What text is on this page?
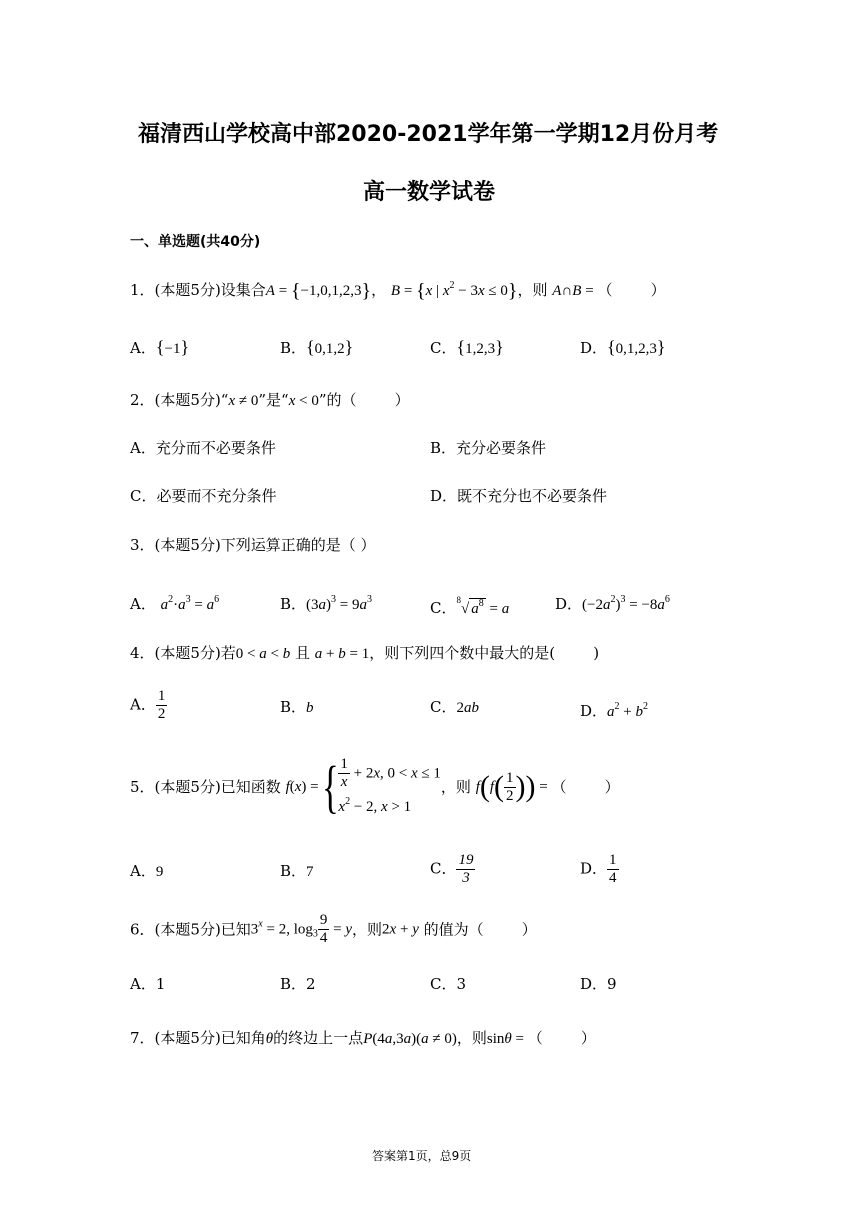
福清西山学校高中部2020-2021学年第一学期12月份月考
高一数学试卷
一、单选题(共40分)
1．(本题5分)设集合A = {−1,0,1,2,3}， B = {x | $x^2 - 3x \le 0$}，则 A∩B = （        ）
A．{−1}	B．{0,1,2}	C．{1,2,3}	D．{0,1,2,3}
2．(本题5分)“x ≠ 0”是“x < 0”的（        ）
A．充分而不必要条件	B．充分必要条件
C．必要而不充分条件	D．既不充分也不必要条件
3．(本题5分)下列运算正确的是（ ）
A． $a^2\cdot a^3 = a^6$	B．$(3a)^3 = 9a^3$	C．$^8$√ $a^8 = a$	D．$(-2a^2)^3 = -8a^6$
4．(本题5分)若0 < a < b 且 a + b = 1，则下列四个数中最大的是(        )
A． $\frac{1}{2}$	B．b	C．2ab	D．$a^2 + b^2$
5．(本题5分)已知函数 f(x) = { $\frac{1}{x} + 2x$, 0 < x ≤ 1
$x^2 - 2$, x > 1
，则 $f(f( \frac{1}{2}$ )) = （        ）
A．9	B．7	C． $\frac{19}{3}$	D． $\frac{1}{4}$
6．(本题5分)已知$3^x = 2$, $\log_3 \frac{9}{4} = y$，则2x + y 的值为（        ）
A．1	B．2	C．3	D．9
7．(本题5分)已知角θ的终边上一点P(4a,3a)(a ≠ 0)，则sinθ = （        ）
答案第1页，总9页
